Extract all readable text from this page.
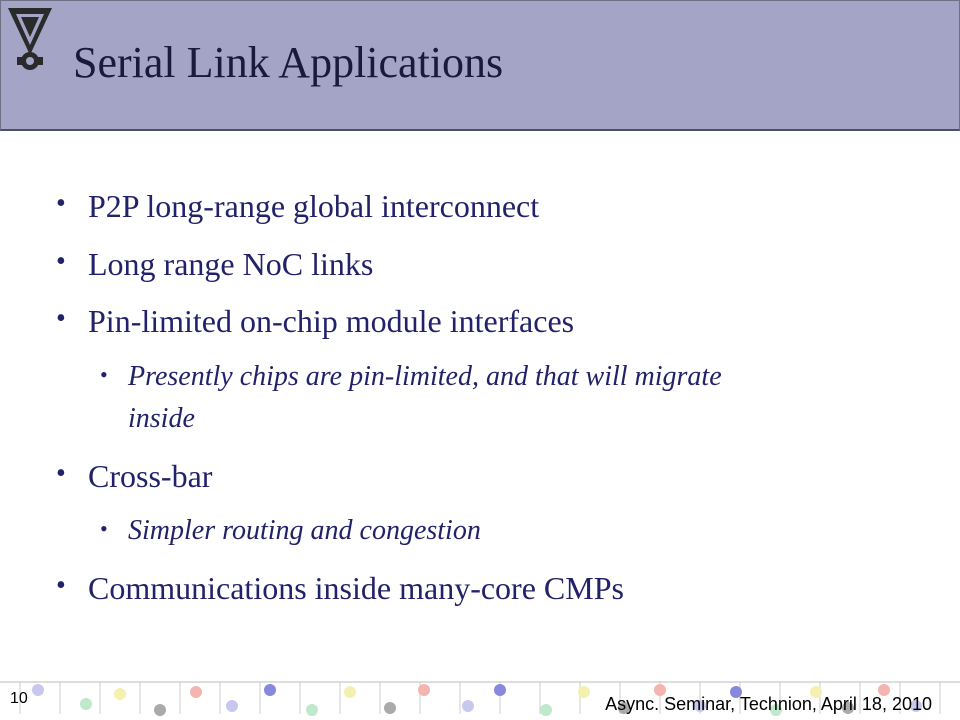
Serial Link Applications
• P2P long-range global interconnect
• Long range NoC links
• Pin-limited on-chip module interfaces
• Presently chips are pin-limited, and that will migrate
inside
• Cross-bar
• Simpler routing and congestion
• Communications inside many-core CMPs
10	Async. Seminar, Technion, April 18, 2010
